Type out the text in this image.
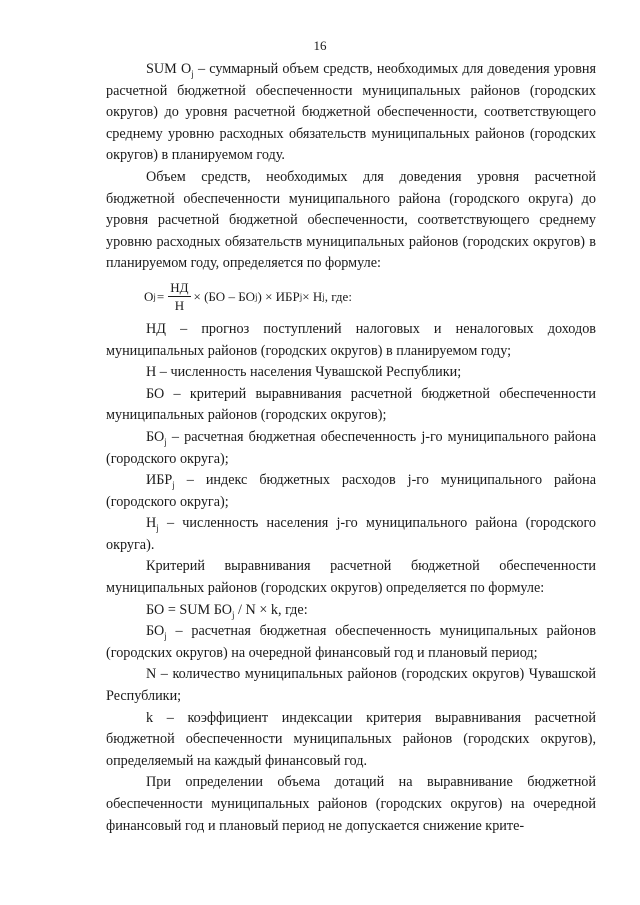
16

SUM $O_j$ – суммарный объем средств, необходимых для доведения уровня расчетной бюджетной обеспеченности муниципальных районов (городских округов) до уровня расчетной бюджетной обеспеченности, соответствующего среднему уровню расходных обязательств муниципальных районов (городских округов) в планируемом году.

Объем средств, необходимых для доведения уровня расчетной бюджетной обеспеченности муниципального района (городского округа) до уровня расчетной бюджетной обеспеченности, соответствующего среднему уровню расходных обязательств муниципальных районов (городских округов) в планируемом году, определяется по формуле:

O $j = \frac{НД}{Н} \times (БО$ – БО j ) × ИБР j × Н j , где:

НД – прогноз поступлений налоговых и неналоговых доходов муниципальных районов (городских округов) в планируемом году;

Н – численность населения Чувашской Республики;

БО – критерий выравнивания расчетной бюджетной обеспеченности муниципальных районов (городских округов);

$БО_j$ – расчетная бюджетная обеспеченность j-го муниципального района (городского округа);

$ИБР_j$ – индекс бюджетных расходов j-го муниципального района (городского округа);

$Н_j$ – численность населения j-го муниципального района (городского округа).

Критерий выравнивания расчетной бюджетной обеспеченности муниципальных районов (городских округов) определяется по формуле:

БО = SUM $БО_j / N \times k$, где:

$БО_j$ – расчетная бюджетная обеспеченность муниципальных районов (городских округов) на очередной финансовый год и плановый период;

N – количество муниципальных районов (городских округов) Чувашской Республики;

k – коэффициент индексации критерия выравнивания расчетной бюджетной обеспеченности муниципальных районов (городских округов), определяемый на каждый финансовый год.

При определении объема дотаций на выравнивание бюджетной обеспеченности муниципальных районов (городских округов) на очередной финансовый год и плановый период не допускается снижение крите-
